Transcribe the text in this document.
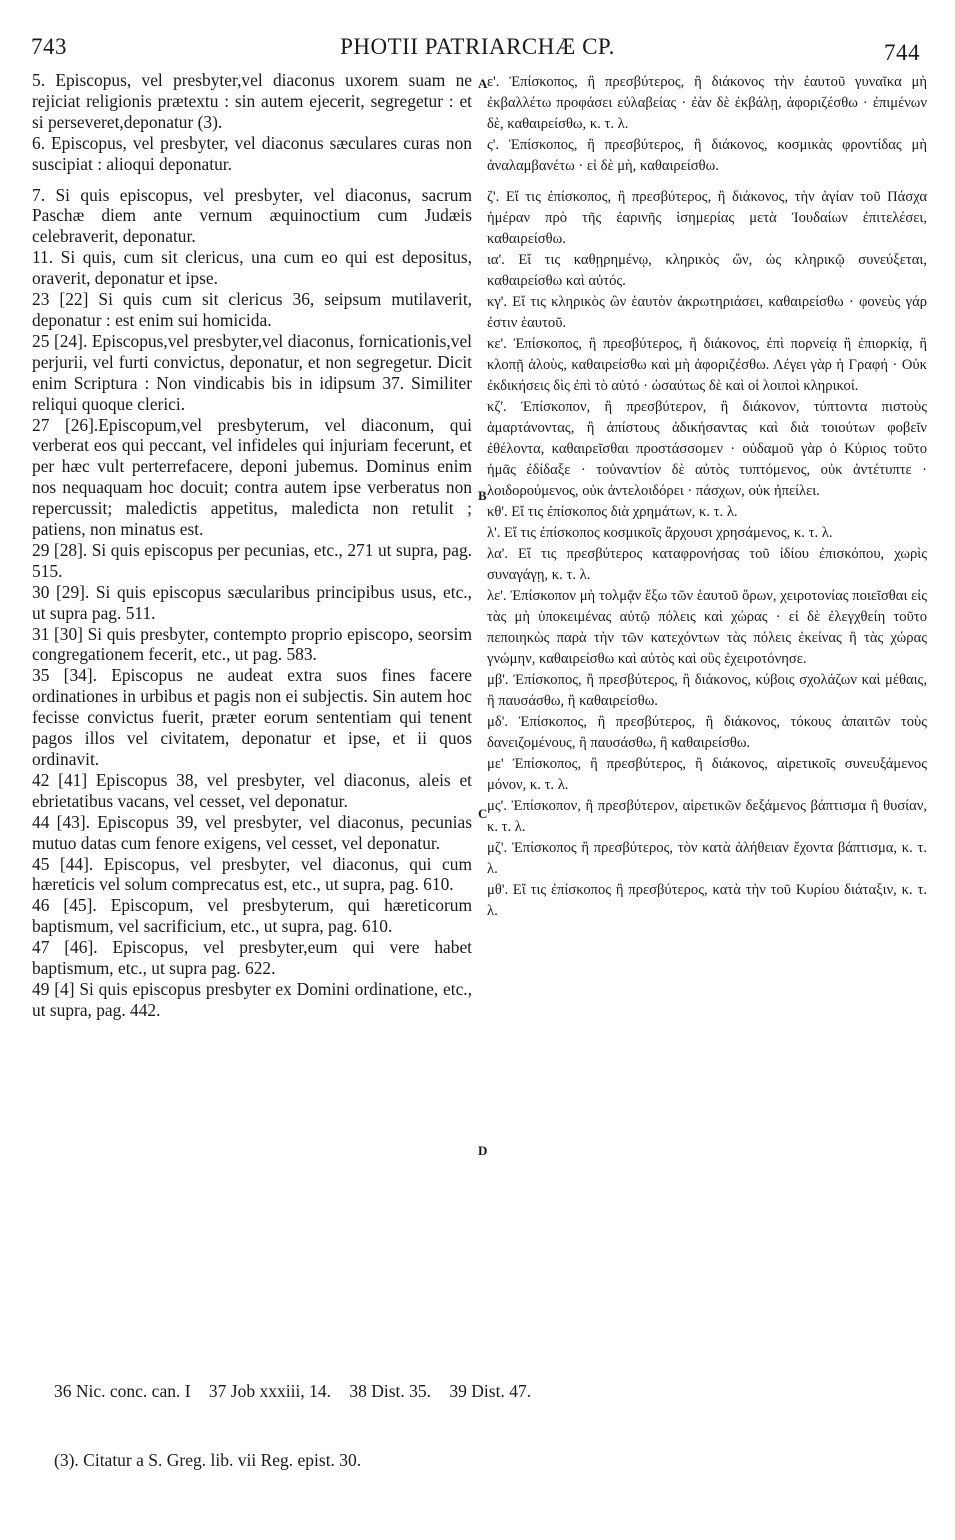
743	PHOTII PATRIARCHÆ CP.	744

5. Episcopus, vel presbyter,vel diaconus uxorem suam ne rejiciat religionis prætextu : sin autem ejecerit, segregetur : et si perseveret,deponatur (3).

6. Episcopus, vel presbyter, vel diaconus sæculares curas non suscipiat : alioqui deponatur.

7. Si quis episcopus, vel presbyter, vel diaconus, sacrum Paschæ diem ante vernum æquinoctium cum Judæis celebraverit, deponatur.

11. Si quis, cum sit clericus, una cum eo qui est depositus, oraverit, deponatur et ipse.

23 [22] Si quis cum sit clericus 36, seipsum mutilaverit, deponatur : est enim sui homicida.

25 [24]. Episcopus,vel presbyter,vel diaconus, fornicationis,vel perjurii, vel furti convictus, deponatur, et non segregetur. Dicit enim Scriptura : Non vindicabis bis in idipsum 37. Similiter reliqui quoque clerici.

27 [26].Episcopum,vel presbyterum, vel diaconum, qui verberat eos qui peccant, vel infideles qui injuriam fecerunt, et per hæc vult perterrefacere, deponi jubemus. Dominus enim nos nequaquam hoc docuit; contra autem ipse verberatus non repercussit; maledictis appetitus, maledicta non retulit ; patiens, non minatus est.

29 [28]. Si quis episcopus per pecunias, etc., 271 ut supra, pag. 515.

30 [29]. Si quis episcopus sæcularibus principibus usus, etc., ut supra pag. 511.

31 [30] Si quis presbyter, contempto proprio episcopo, seorsim congregationem fecerit, etc., ut pag. 583.

35 [34]. Episcopus ne audeat extra suos fines facere ordinationes in urbibus et pagis non ei subjectis. Sin autem hoc fecisse convictus fuerit, præter eorum sententiam qui tenent pagos illos vel civitatem, deponatur et ipse, et ii quos ordinavit.

42 [41] Episcopus 38, vel presbyter, vel diaconus, aleis et ebrietatibus vacans, vel cesset, vel deponatur.

44 [43]. Episcopus 39, vel presbyter, vel diaconus, pecunias mutuo datas cum fenore exigens, vel cesset, vel deponatur.

45 [44]. Episcopus, vel presbyter, vel diaconus, qui cum hæreticis vel solum comprecatus est, etc., ut supra, pag. 610.

46 [45]. Episcopum, vel presbyterum, qui hæreticorum baptismum, vel sacrificium, etc., ut supra, pag. 610.

47 [46]. Episcopus, vel presbyter,eum qui vere habet baptismum, etc., ut supra pag. 622.

49 [4] Si quis episcopus presbyter ex Domini ordinatione, etc., ut supra, pag. 442.

A
B
C
D

ε'. Ἐπίσκοπος, ἢ πρεσβύτερος, ἢ διάκονος τὴν ἑαυτοῦ γυναῖκα μὴ ἐκβαλλέτω προφάσει εὐλαβείας · ἐὰν δὲ ἐκβάλῃ, ἀφοριζέσθω · ἐπιμένων δὲ, καθαιρείσθω, κ. τ. λ.

ς'. Ἐπίσκοπος, ἢ πρεσβύτερος, ἢ διάκονος, κοσμικὰς φροντίδας μὴ ἀναλαμβανέτω · εἰ δὲ μὴ, καθαιρείσθω.

ζ'. Εἴ τις ἐπίσκοπος, ἢ πρεσβύτερος, ἢ διάκονος, τὴν ἁγίαν τοῦ Πάσχα ἡμέραν πρὸ τῆς ἐαρινῆς ἰσημερίας μετὰ Ἰουδαίων ἐπιτελέσει, καθαιρείσθω.

ια'. Εἴ τις καθῃρημένῳ, κληρικὸς ὤν, ὡς κληρικῷ συνεύξεται, καθαιρείσθω καὶ αὐτός.

κγ'. Εἴ τις κληρικὸς ὢν ἑαυτὸν ἀκρωτηριάσει, καθαιρείσθω · φονεὺς γάρ ἐστιν ἑαυτοῦ.

κε'. Ἐπίσκοπος, ἢ πρεσβύτερος, ἢ διάκονος, ἐπὶ πορνείᾳ ἢ ἐπιορκίᾳ, ἢ κλοπῇ ἁλοὺς, καθαιρείσθω καὶ μὴ ἀφοριζέσθω. Λέγει γὰρ ἡ Γραφή · Οὐκ ἐκδικήσεις δὶς ἐπὶ τὸ αὐτό · ὡσαύτως δὲ καὶ οἱ λοιποὶ κληρικοί.

κζ'. Ἐπίσκοπον, ἢ πρεσβύτερον, ἢ διάκονον, τύπτοντα πιστοὺς ἁμαρτάνοντας, ἢ ἀπίστους ἀδικήσαντας καὶ διὰ τοιούτων φοβεῖν ἐθέλοντα, καθαιρεῖσθαι προστάσσομεν · οὐδαμοῦ γὰρ ὁ Κύριος τοῦτο ἡμᾶς ἐδίδαξε · τοὐναντίον δὲ αὐτὸς τυπτόμενος, οὐκ ἀντέτυπτε · λοιδορούμενος, οὐκ ἀντελοιδόρει · πάσχων, οὐκ ἠπείλει.

κθ'. Εἴ τις ἐπίσκοπος διὰ χρημάτων, κ. τ. λ.

λ'. Εἴ τις ἐπίσκοπος κοσμικοῖς ἄρχουσι χρησάμενος, κ. τ. λ.

λα'. Εἴ τις πρεσβύτερος καταφρονήσας τοῦ ἰδίου ἐπισκόπου, χωρὶς συναγάγῃ, κ. τ. λ.

λε'. Ἐπίσκοπον μὴ τολμᾷν ἔξω τῶν ἑαυτοῦ ὅρων, χειροτονίας ποιεῖσθαι εἰς τὰς μὴ ὑποκειμένας αὐτῷ πόλεις καὶ χώρας · εἰ δὲ ἐλεγχθείη τοῦτο πεποιηκὼς παρὰ τὴν τῶν κατεχόντων τὰς πόλεις ἐκείνας ἢ τὰς χώρας γνώμην, καθαιρείσθω καὶ αὐτὸς καὶ οὓς ἐχειροτόνησε.

μβ'. Ἐπίσκοπος, ἢ πρεσβύτερος, ἢ διάκονος, κύβοις σχολάζων καὶ μέθαις, ἢ παυσάσθω, ἢ καθαιρείσθω.

μδ'. Ἐπίσκοπος, ἢ πρεσβύτερος, ἢ διάκονος, τόκους ἀπαιτῶν τοὺς δανειζομένους, ἢ παυσάσθω, ἢ καθαιρείσθω.

με' Ἐπίσκοπος, ἢ πρεσβύτερος, ἢ διάκονος, αἱρετικοῖς συνευξάμενος μόνον, κ. τ. λ.

μς'. Ἐπίσκοπον, ἢ πρεσβύτερον, αἱρετικῶν δεξάμενος βάπτισμα ἢ θυσίαν, κ. τ. λ.

μζ'. Ἐπίσκοπος ἢ πρεσβύτερος, τὸν κατὰ ἀλήθειαν ἔχοντα βάπτισμα, κ. τ. λ.

μθ'. Εἴ τις ἐπίσκοπος ἢ πρεσβύτερος, κατὰ τὴν τοῦ Κυρίου διάταξιν, κ. τ. λ.

36 Nic. conc. can. I 37 Job xxxiii, 14. 38 Dist. 35. 39 Dist. 47.
(3). Citatur a S. Greg. lib. vii Reg. epist. 30.
